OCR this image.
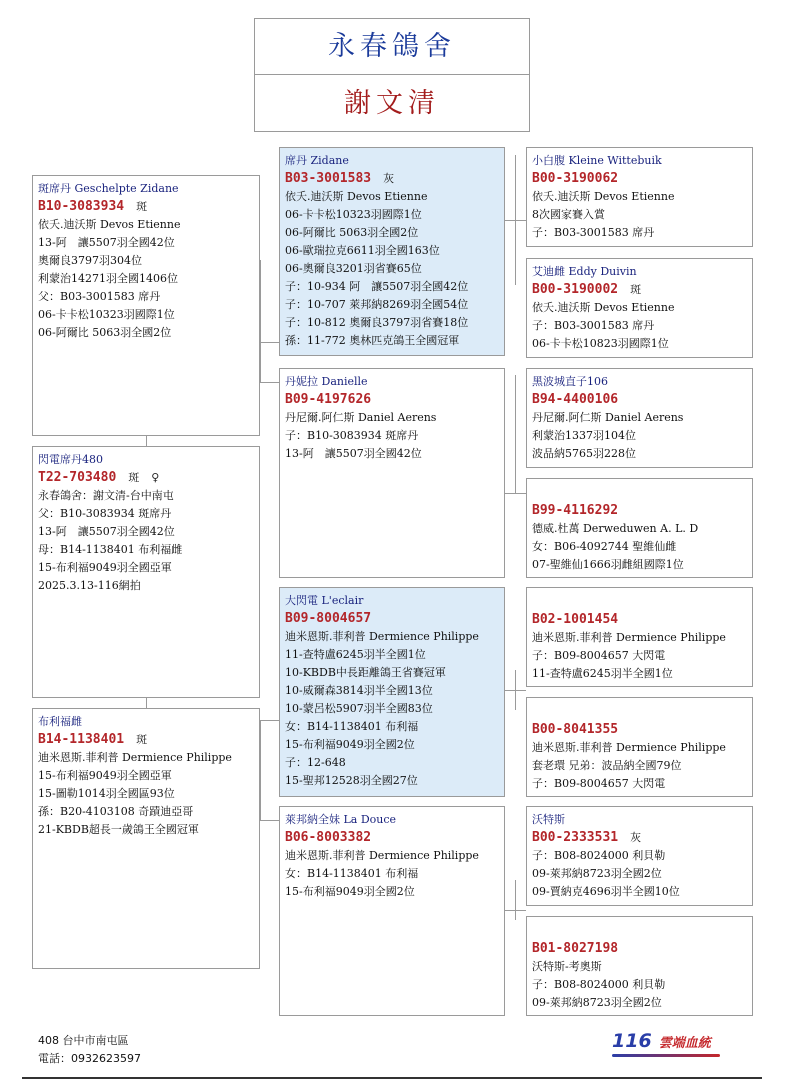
永春鴿舍
謝文清
斑席丹 Geschelpte Zidane
B10-3083934 斑
依夭.迪沃斯 Devos Etienne
13-阿　讓5507羽全國42位
奧爾良3797羽304位
利蒙治14271羽全國1406位
父：B03-3001583 席丹
06-卡卡松10323羽國際1位
06-阿爾比 5063羽全國2位
閃電席丹480
T22-703480 斑 ♀
永春鴿舍：謝文清-台中南屯
父：B10-3083934 斑席丹
13-阿　讓5507羽全國42位
母：B14-1138401 布利福雌
15-布利福9049羽全國亞軍
2025.3.13-116網拍
布利福雌
B14-1138401 斑
迪米恩斯.菲利普 Dermience Philippe
15-布利福9049羽全國亞軍
15-圖勒1014羽全國區93位
孫：B20-4103108 奇蹟迪亞哥
21-KBDB超長一歲鴿王全國冠軍
席丹 Zidane
B03-3001583 灰
依夭.迪沃斯 Devos Etienne
06-卡卡松10323羽國際1位
06-阿爾比 5063羽全國2位
06-歐瑞拉克6611羽全國163位
06-奧爾良3201羽省賽65位
子：10-934 阿　讓5507羽全國42位
子：10-707 萊邦納8269羽全國54位
子：10-812 奧爾良3797羽省賽18位
孫：11-772 奧林匹克鴿王全國冠軍
丹妮拉 Danielle
B09-4197626
丹尼爾.阿仁斯 Daniel Aerens
子：B10-3083934 斑席丹
13-阿　讓5507羽全國42位
大閃電 L'eclair
B09-8004657
迪米恩斯.菲利普 Dermience Philippe
11-查特盧6245羽半全國1位
10-KBDB中長距離鴿王省賽冠軍
10-威爾森3814羽半全國13位
10-蒙呂松5907羽半全國83位
女：B14-1138401 布利福
15-布利福9049羽全國2位
子：12-648
15-聖邦12528羽全國27位
萊邦納全妹 La Douce
B06-8003382
迪米恩斯.菲利普 Dermience Philippe
女：B14-1138401 布利福
15-布利福9049羽全國2位
小白腹 Kleine Wittebuik
B00-3190062
依夭.迪沃斯 Devos Etienne
8次國家賽入賞
子：B03-3001583 席丹
艾迪雌 Eddy Duivin
B00-3190002 斑
依夭.迪沃斯 Devos Etienne
子：B03-3001583 席丹
06-卡卡松10823羽國際1位
黑波城直子106
B94-4400106
丹尼爾.阿仁斯 Daniel Aerens
利蒙治1337羽104位
波品納5765羽228位
B99-4116292
德威.杜萬 Derweduwen A. L. D
女：B06-4092744 聖維仙雌
07-聖維仙1666羽雌組國際1位
B02-1001454
迪米恩斯.菲利普 Dermience Philippe
子：B09-8004657 大閃電
11-查特盧6245羽半全國1位
B00-8041355
迪米恩斯.菲利普 Dermience Philippe
套老環 兄弟：波品納全國79位
子：B09-8004657 大閃電
沃特斯
B00-2333531 灰
子：B08-8024000 利貝勒
09-萊邦納8723羽全國2位
09-賈納克4696羽半全國10位
B01-8027198
沃特斯-考奧斯
子：B08-8024000 利貝勒
09-萊邦納8723羽全國2位
408 台中市南屯區
電話：0932623597
116 雲端血統
